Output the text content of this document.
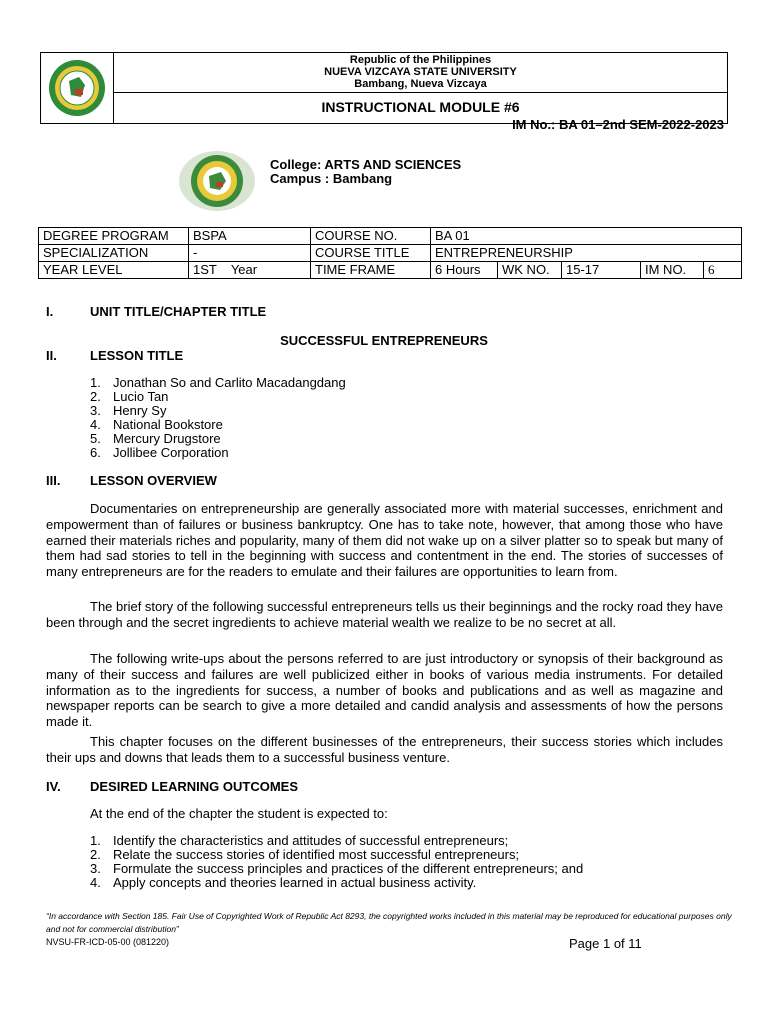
Republic of the Philippines
NUEVA VIZCAYA STATE UNIVERSITY
Bambang, Nueva Vizcaya
INSTRUCTIONAL MODULE #6
IM No.: BA 01–2nd SEM-2022-2023
College: ARTS AND SCIENCES
Campus : Bambang
DEGREE PROGRAM	BSPA	COURSE NO.	BA 01				
SPECIALIZATION	-	COURSE TITLE	ENTREPRENEURSHIP				
YEAR LEVEL	1ST    Year	TIME FRAME	6 Hours	WK NO.	15-17	IM NO.	6
I.	UNIT TITLE/CHAPTER TITLE
SUCCESSFUL ENTREPRENEURS
II.	LESSON TITLE
1. Jonathan So and Carlito Macadangdang
2. Lucio Tan
3. Henry Sy
4. National Bookstore
5. Mercury Drugstore
6. Jollibee Corporation
III. LESSON OVERVIEW

Documentaries on entrepreneurship are generally associated more with material successes, enrichment and empowerment than of failures or business bankruptcy. One has to take note, however, that among those who have earned their materials riches and popularity, many of them did not wake up on a silver platter so to speak but many of them had sad stories to tell in the beginning with success and contentment in the end. The stories of successes of many entrepreneurs are for the readers to emulate and their failures are opportunities to learn from.

The brief story of the following successful entrepreneurs tells us their beginnings and the rocky road they have been through and the secret ingredients to achieve material wealth we realize to be no secret at all.

The following write-ups about the persons referred to are just introductory or synopsis of their background as many of their success and failures are well publicized either in books of various media instruments. For detailed information as to the ingredients for success, a number of books and publications and as well as magazine and newspaper reports can be search to give a more detailed and candid analysis and assessments of how the persons made it.

This chapter focuses on the different businesses of the entrepreneurs, their success stories which includes their ups and downs that leads them to a successful business venture.

IV. DESIRED LEARNING OUTCOMES
At the end of the chapter the student is expected to:
1. Identify the characteristics and attitudes of successful entrepreneurs;
2. Relate the success stories of identified most successful entrepreneurs;
3. Formulate the success principles and practices of the different entrepreneurs; and
4. Apply concepts and theories learned in actual business activity.
“In accordance with Section 185. Fair Use of Copyrighted Work of Republic Act 8293, the copyrighted works included in this material may be reproduced for educational purposes only and not for commercial distribution”
NVSU-FR-ICD-05-00 (081220)	Page 1 of 11
